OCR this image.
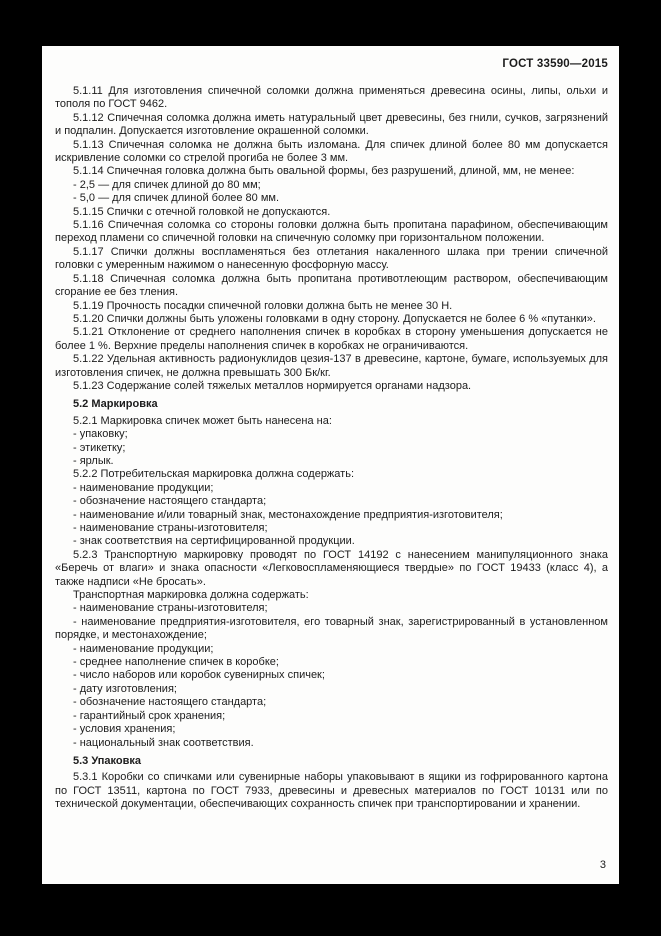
ГОСТ 33590—2015

5.1.11 Для изготовления спичечной соломки должна применяться древесина осины, липы, ольхи и тополя по ГОСТ 9462.

5.1.12 Спичечная соломка должна иметь натуральный цвет древесины, без гнили, сучков, загрязнений и подпалин. Допускается изготовление окрашенной соломки.

5.1.13 Спичечная соломка не должна быть изломана. Для спичек длиной более 80 мм допускается искривление соломки со стрелой прогиба не более 3 мм.

5.1.14 Спичечная головка должна быть овальной формы, без разрушений, длиной, мм, не менее:

- 2,5 — для спичек длиной до 80 мм;

- 5,0 — для спичек длиной более 80 мм.

5.1.15 Спички с отечной головкой не допускаются.

5.1.16 Спичечная соломка со стороны головки должна быть пропитана парафином, обеспечивающим переход пламени со спичечной головки на спичечную соломку при горизонтальном положении.

5.1.17 Спички должны воспламеняться без отлетания накаленного шлака при трении спичечной головки с умеренным нажимом о нанесенную фосфорную массу.

5.1.18 Спичечная соломка должна быть пропитана противотлеющим раствором, обеспечивающим сгорание ее без тления.

5.1.19 Прочность посадки спичечной головки должна быть не менее 30 Н.

5.1.20 Спички должны быть уложены головками в одну сторону. Допускается не более 6 % «путанки».

5.1.21 Отклонение от среднего наполнения спичек в коробках в сторону уменьшения допускается не более 1 %. Верхние пределы наполнения спичек в коробках не ограничиваются.

5.1.22 Удельная активность радионуклидов цезия-137 в древесине, картоне, бумаге, используемых для изготовления спичек, не должна превышать 300 Бк/кг.

5.1.23 Содержание солей тяжелых металлов нормируется органами надзора.

5.2 Маркировка

5.2.1 Маркировка спичек может быть нанесена на:

- упаковку;

- этикетку;

- ярлык.

5.2.2 Потребительская маркировка должна содержать:

- наименование продукции;

- обозначение настоящего стандарта;

- наименование и/или товарный знак, местонахождение предприятия-изготовителя;

- наименование страны-изготовителя;

- знак соответствия на сертифицированной продукции.

5.2.3 Транспортную маркировку проводят по ГОСТ 14192 с нанесением манипуляционного знака «Беречь от влаги» и знака опасности «Легковоспламеняющиеся твердые» по ГОСТ 19433 (класс 4), а также надписи «Не бросать».

Транспортная маркировка должна содержать:

- наименование страны-изготовителя;

- наименование предприятия-изготовителя, его товарный знак, зарегистрированный в установленном порядке, и местонахождение;

- наименование продукции;

- среднее наполнение спичек в коробке;

- число наборов или коробок сувенирных спичек;

- дату изготовления;

- обозначение настоящего стандарта;

- гарантийный срок хранения;

- условия хранения;

- национальный знак соответствия.

5.3 Упаковка

5.3.1 Коробки со спичками или сувенирные наборы упаковывают в ящики из гофрированного картона по ГОСТ 13511, картона по ГОСТ 7933, древесины и древесных материалов по ГОСТ 10131 или по технической документации, обеспечивающих сохранность спичек при транспортировании и хранении.

3
